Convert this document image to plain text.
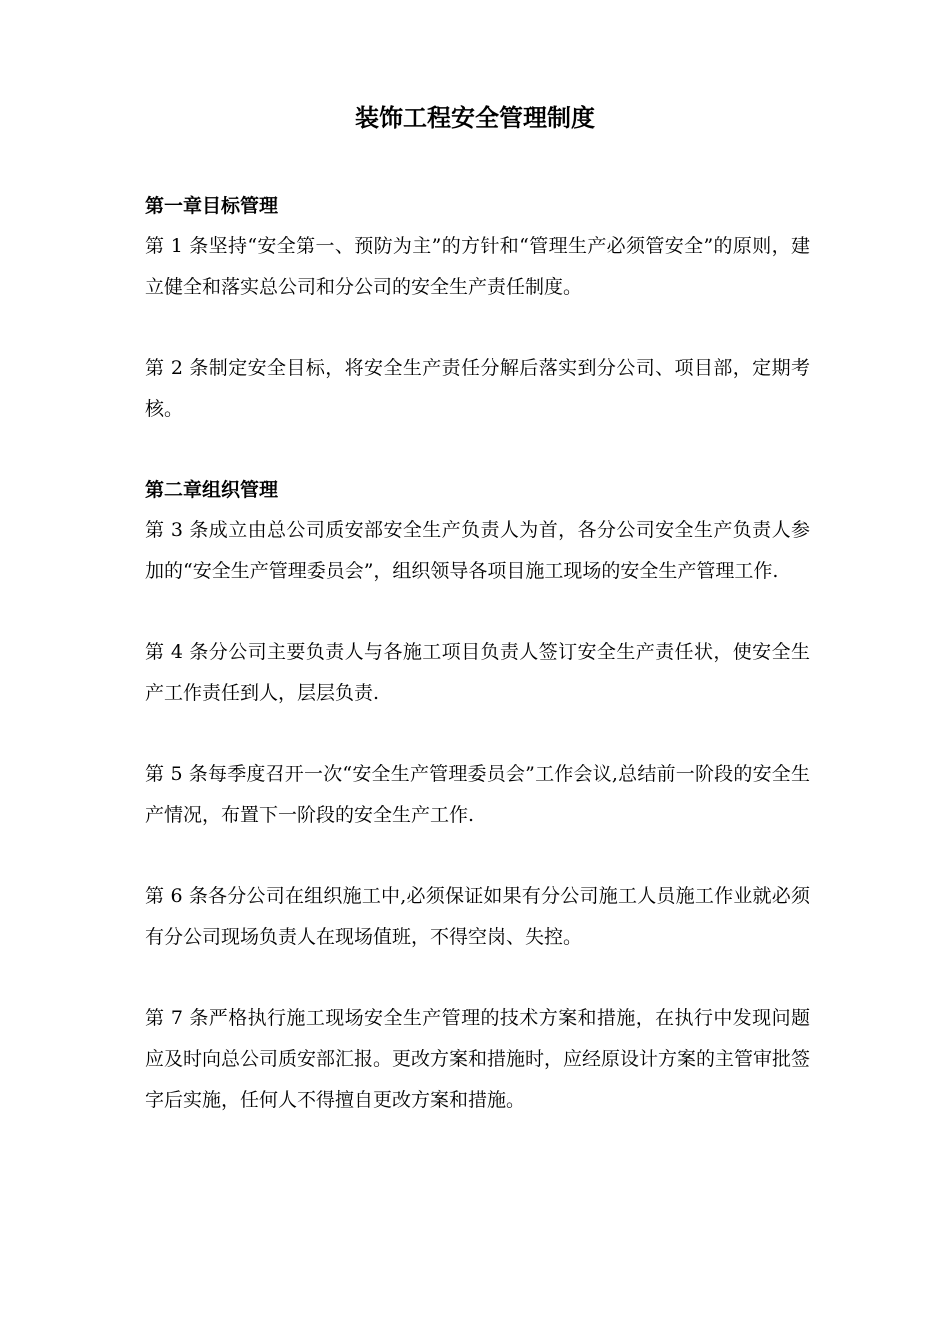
装饰工程安全管理制度
第一章目标管理

第 1 条坚持“安全第一、预防为主”的方针和“管理生产必须管安全”的原则，建立健全和落实总公司和分公司的安全生产责任制度。

第 2 条制定安全目标，将安全生产责任分解后落实到分公司、项目部，定期考核。

第二章组织管理

第 3 条成立由总公司质安部安全生产负责人为首，各分公司安全生产负责人参加的“安全生产管理委员会”，组织领导各项目施工现场的安全生产管理工作.

第 4 条分公司主要负责人与各施工项目负责人签订安全生产责任状，使安全生产工作责任到人，层层负责.

第 5 条每季度召开一次“安全生产管理委员会”工作会议,总结前一阶段的安全生产情况，布置下一阶段的安全生产工作.

第 6 条各分公司在组织施工中,必须保证如果有分公司施工人员施工作业就必须有分公司现场负责人在现场值班，不得空岗、失控。

第 7 条严格执行施工现场安全生产管理的技术方案和措施，在执行中发现问题应及时向总公司质安部汇报。更改方案和措施时，应经原设计方案的主管审批签字后实施，任何人不得擅自更改方案和措施。
